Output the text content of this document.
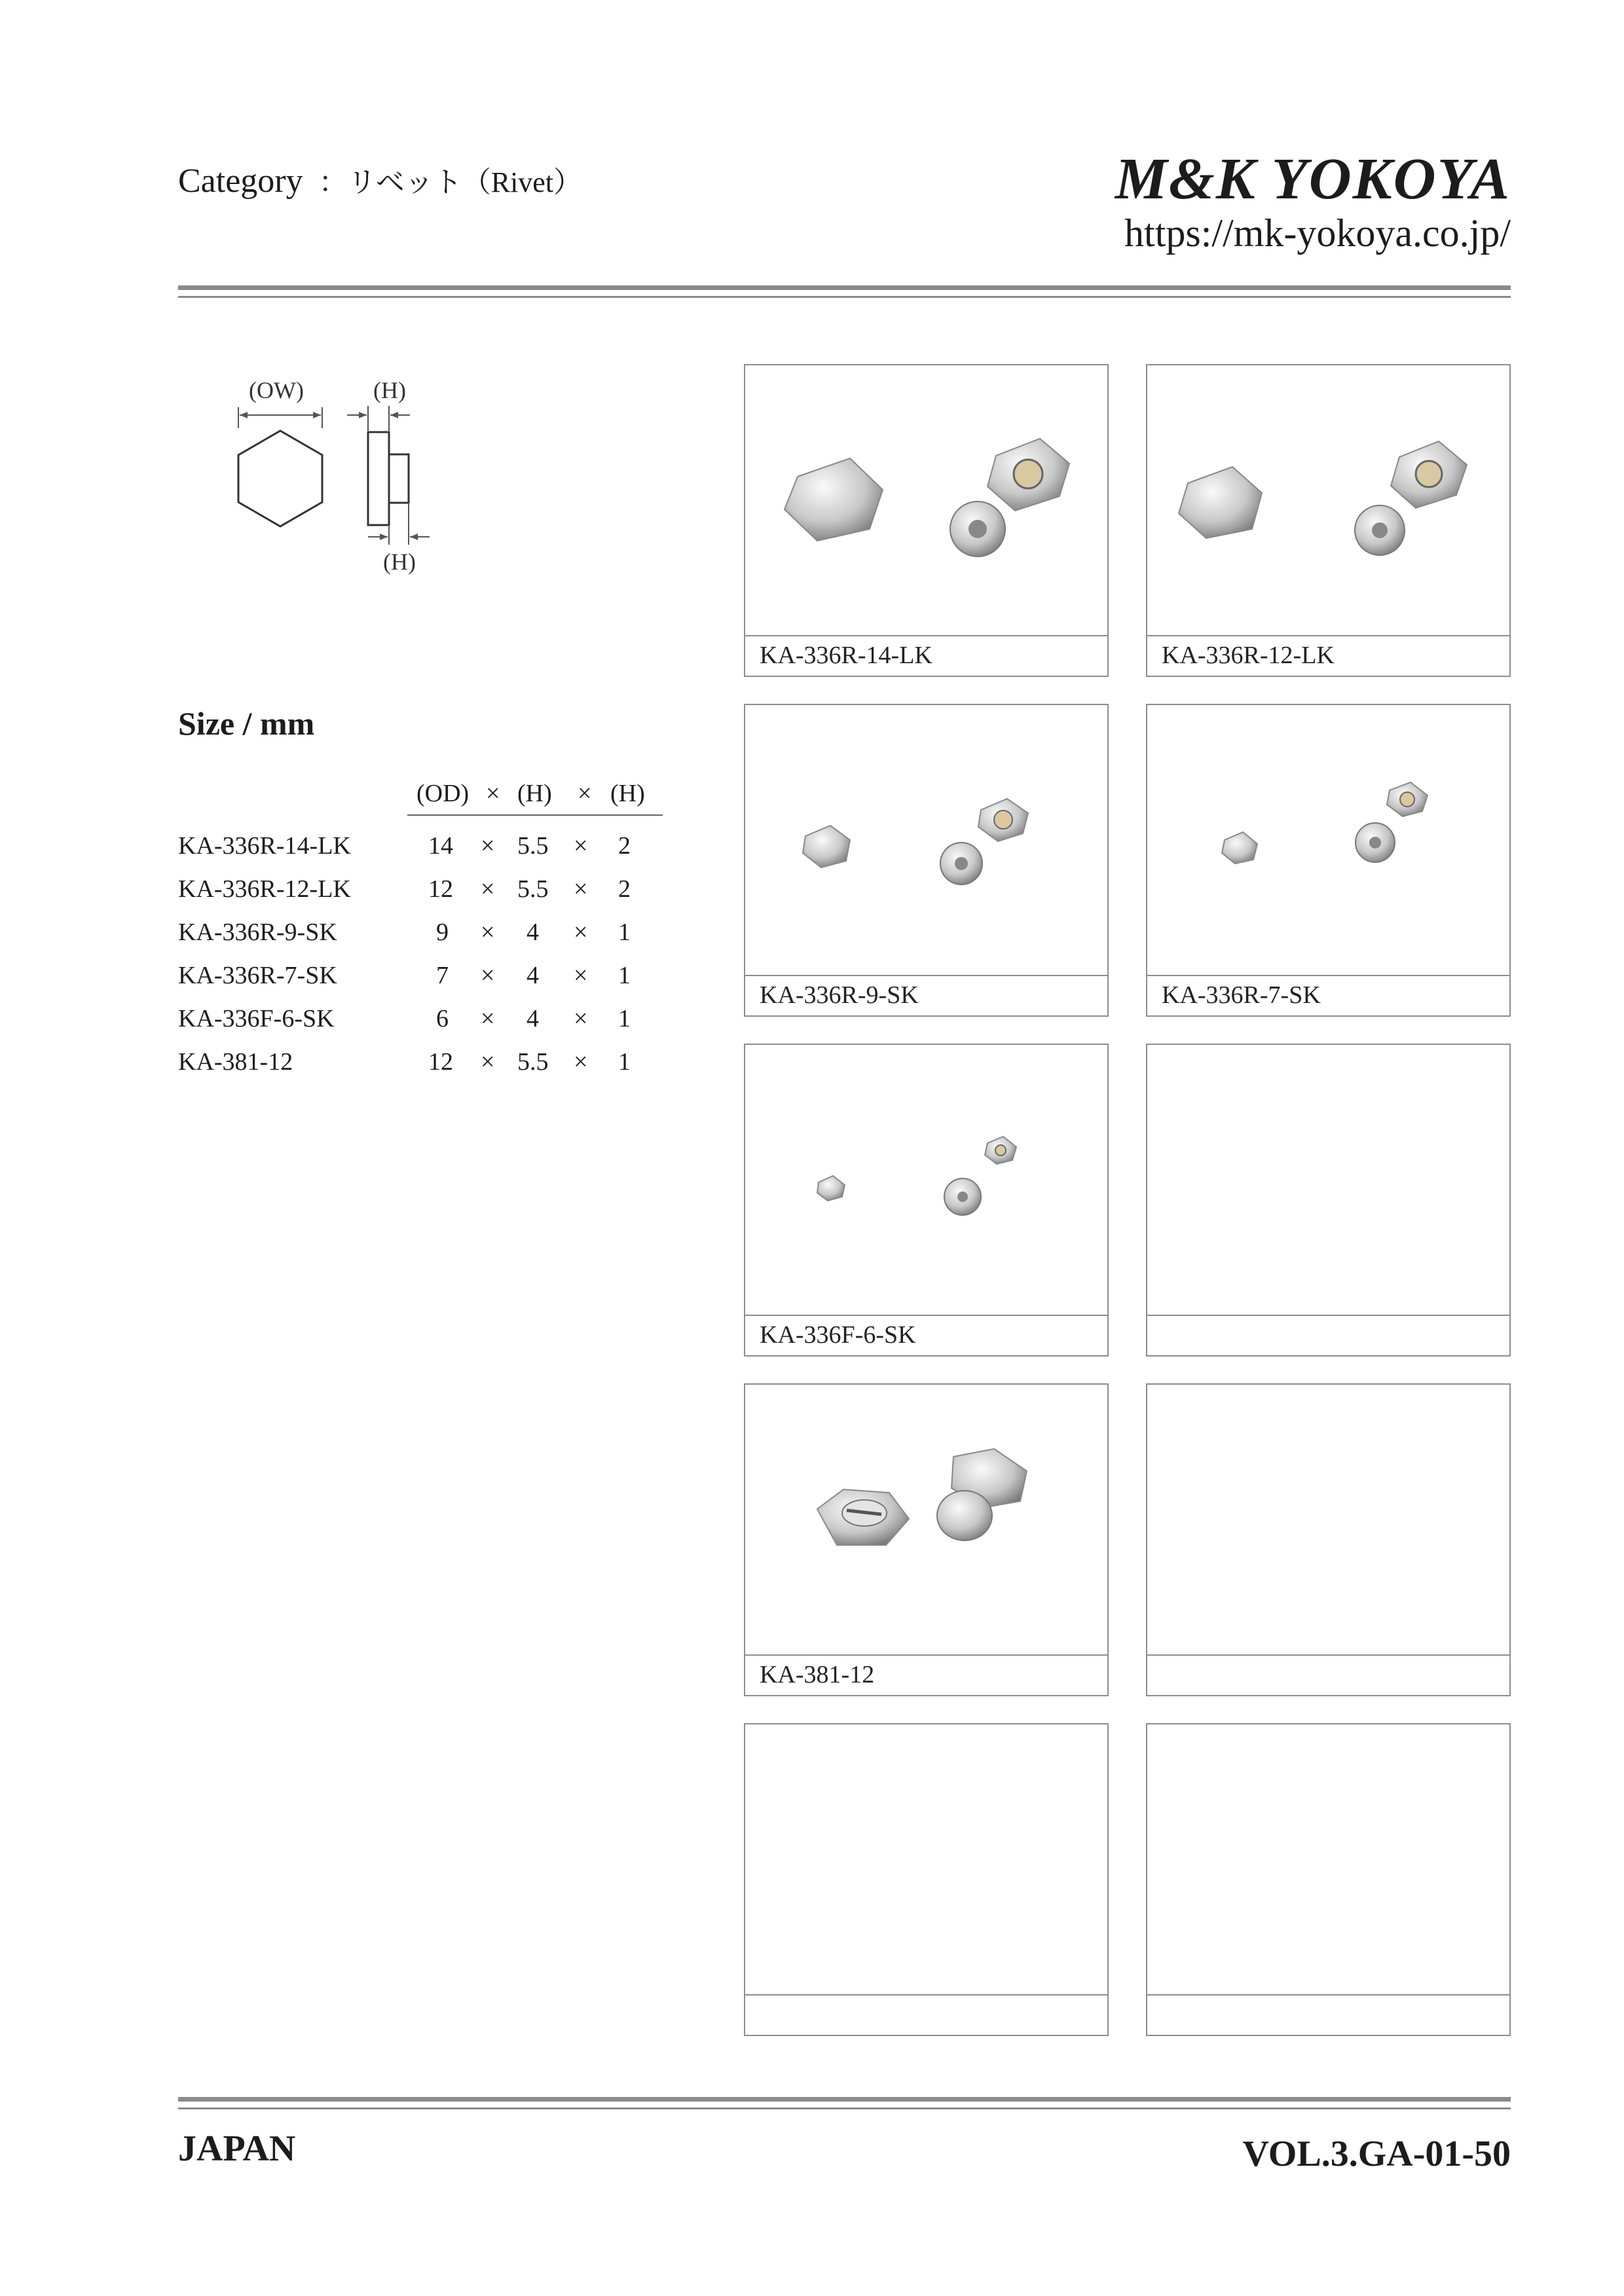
Category ：リベット（Rivet）	M&K YOKOYA
https://mk-yokoya.co.jp/
(OW)	(H)
(H)
Size / mm
(OD) × (H) × (H)
KA-336R-14-LK	14 × 5.5 × 2
KA-336R-12-LK	12 × 5.5 × 2
KA-336R-9-SK	9 × 4 × 1
KA-336R-7-SK	7 × 4 × 1
KA-336F-6-SK	6 × 4 × 1
KA-381-12	12 × 5.5 × 1
KA-336R-14-LK	KA-336R-12-LK
KA-336R-9-SK	KA-336R-7-SK
KA-336F-6-SK
KA-381-12
JAPAN	VOL.3.GA-01-50
